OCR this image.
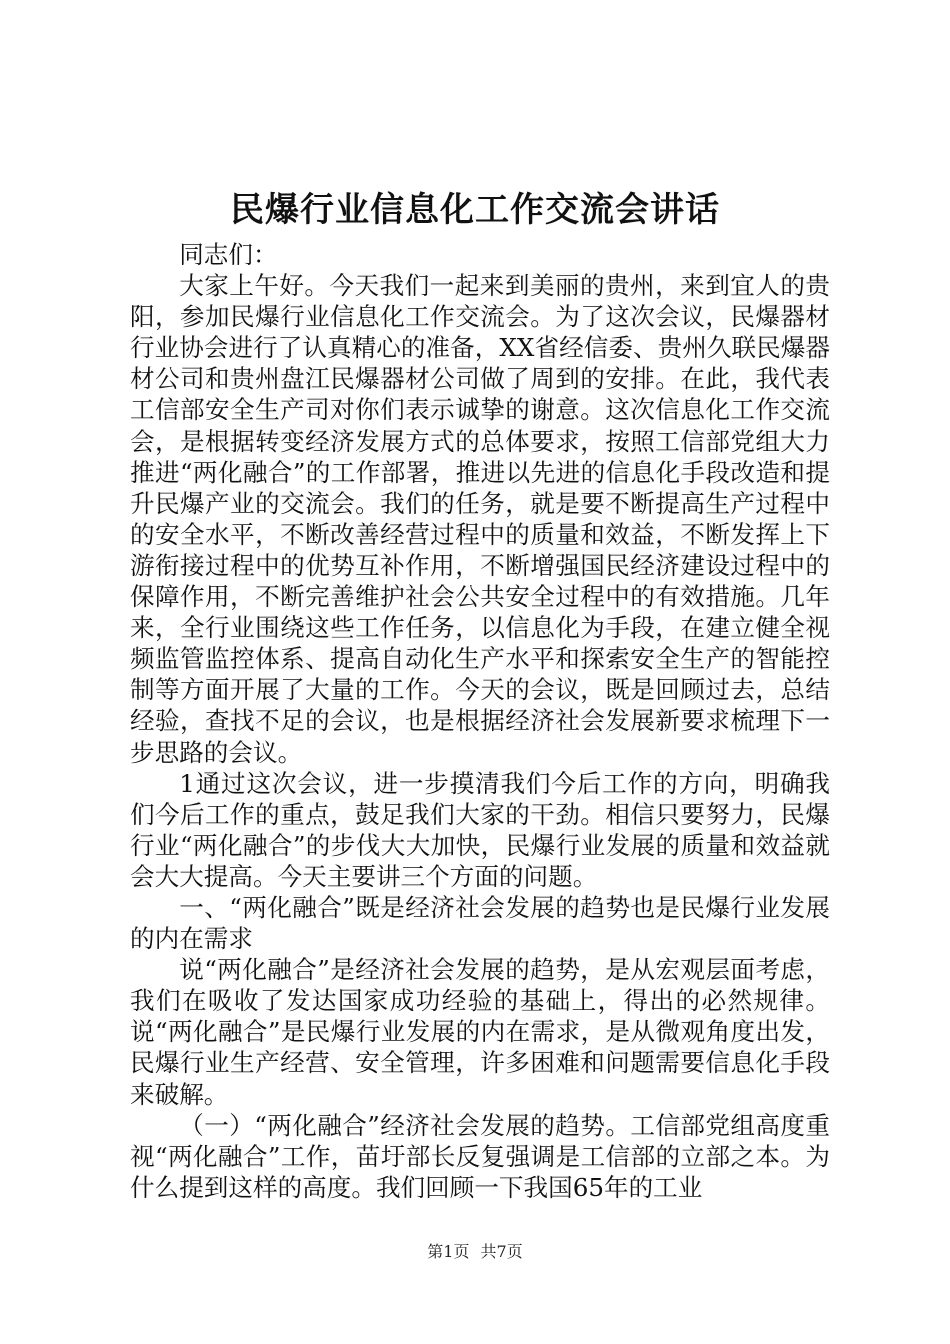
民爆行业信息化工作交流会讲话

同志们：

大家上午好。今天我们一起来到美丽的贵州，来到宜人的贵阳，参加民爆行业信息化工作交流会。为了这次会议，民爆器材行业协会进行了认真精心的准备，XX省经信委、贵州久联民爆器材公司和贵州盘江民爆器材公司做了周到的安排。在此，我代表工信部安全生产司对你们表示诚挚的谢意。这次信息化工作交流会，是根据转变经济发展方式的总体要求，按照工信部党组大力推进“两化融合”的工作部署，推进以先进的信息化手段改造和提升民爆产业的交流会。我们的任务，就是要不断提高生产过程中的安全水平，不断改善经营过程中的质量和效益，不断发挥上下游衔接过程中的优势互补作用，不断增强国民经济建设过程中的保障作用，不断完善维护社会公共安全过程中的有效措施。几年来，全行业围绕这些工作任务，以信息化为手段，在建立健全视频监管监控体系、提高自动化生产水平和探索安全生产的智能控制等方面开展了大量的工作。今天的会议，既是回顾过去，总结经验，查找不足的会议，也是根据经济社会发展新要求梳理下一步思路的会议。

1通过这次会议，进一步摸清我们今后工作的方向，明确我们今后工作的重点，鼓足我们大家的干劲。相信只要努力，民爆行业“两化融合”的步伐大大加快，民爆行业发展的质量和效益就会大大提高。今天主要讲三个方面的问题。

一、“两化融合”既是经济社会发展的趋势也是民爆行业发展的内在需求

说“两化融合”是经济社会发展的趋势，是从宏观层面考虑，我们在吸收了发达国家成功经验的基础上，得出的必然规律。说“两化融合”是民爆行业发展的内在需求，是从微观角度出发，民爆行业生产经营、安全管理，许多困难和问题需要信息化手段来破解。

（一）“两化融合”经济社会发展的趋势。工信部党组高度重视“两化融合”工作，苗圩部长反复强调是工信部的立部之本。为什么提到这样的高度。我们回顾一下我国65年的工业

第1页 共7页
